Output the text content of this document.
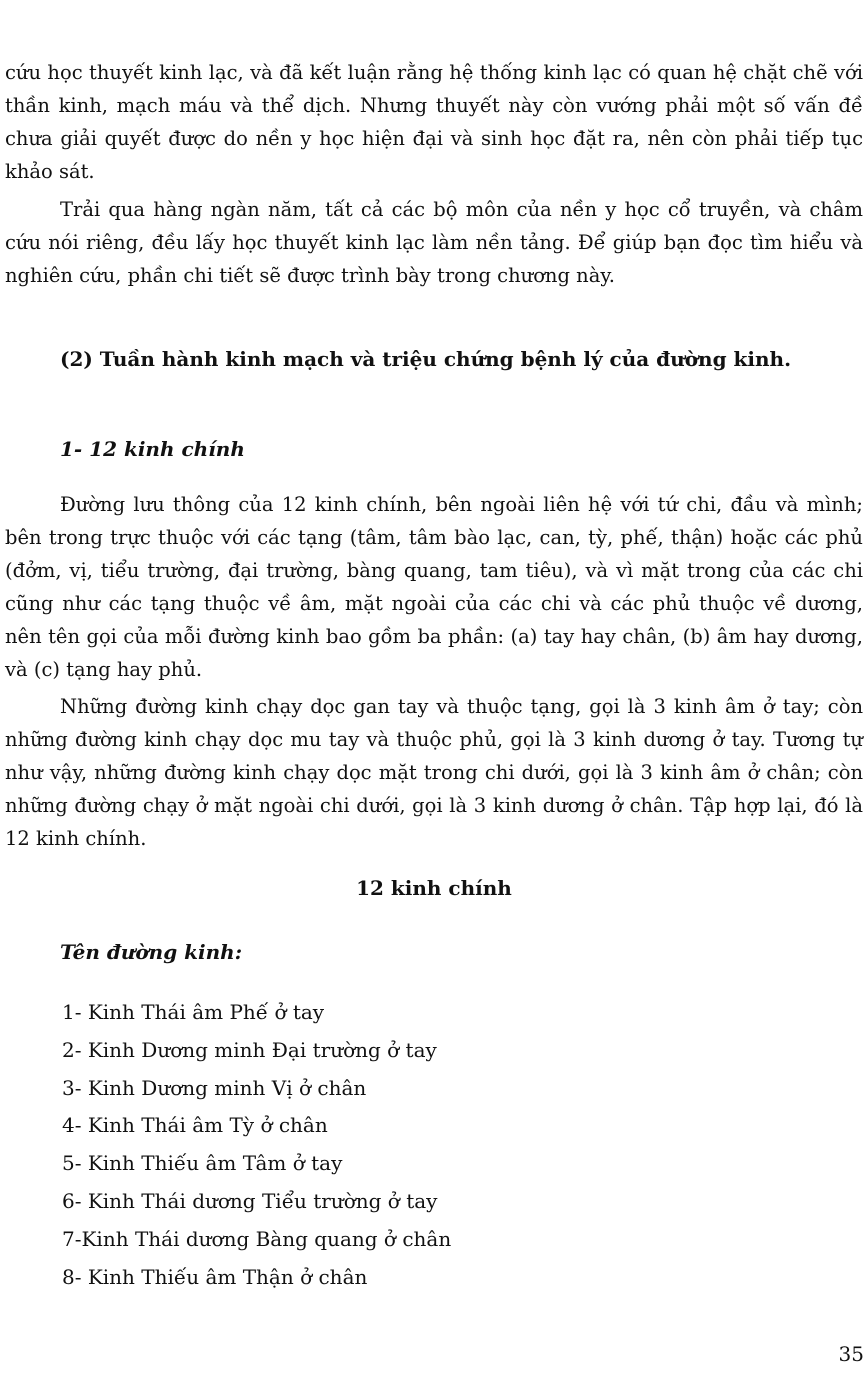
cứu học thuyết kinh lạc, và đã kết luận rằng hệ thống kinh lạc có quan hệ chặt chẽ với thần kinh, mạch máu và thể dịch. Nhưng thuyết này còn vướng phải một số vấn đề chưa giải quyết được do nền y học hiện đại và sinh học đặt ra, nên còn phải tiếp tục khảo sát.

Trải qua hàng ngàn năm, tất cả các bộ môn của nền y học cổ truyền, và châm cứu nói riêng, đều lấy học thuyết kinh lạc làm nền tảng. Để giúp bạn đọc tìm hiểu và nghiên cứu, phần chi tiết sẽ được trình bày trong chương này.

(2) Tuần hành kinh mạch và triệu chứng bệnh lý của đường kinh.

1- 12 kinh chính

Đường lưu thông của 12 kinh chính, bên ngoài liên hệ với tứ chi, đầu và mình; bên trong trực thuộc với các tạng (tâm, tâm bào lạc, can, tỳ, phế, thận) hoặc các phủ (đởm, vị, tiểu trường, đại trường, bàng quang, tam tiêu), và vì mặt trong của các chi cũng như các tạng thuộc về âm, mặt ngoài của các chi và các phủ thuộc về dương, nên tên gọi của mỗi đường kinh bao gồm ba phần: (a) tay hay chân, (b) âm hay dương, và (c) tạng hay phủ.

Những đường kinh chạy dọc gan tay và thuộc tạng, gọi là 3 kinh âm ở tay; còn những đường kinh chạy dọc mu tay và thuộc phủ, gọi là 3 kinh dương ở tay. Tương tự như vậy, những đường kinh chạy dọc mặt trong chi dưới, gọi là 3 kinh âm ở chân; còn những đường chạy ở mặt ngoài chi dưới, gọi là 3 kinh dương ở chân. Tập hợp lại, đó là 12 kinh chính.

12 kinh chính

Tên đường kinh:

1- Kinh Thái âm Phế ở tay
2- Kinh Dương minh Đại trường ở tay
3- Kinh Dương minh Vị ở chân
4- Kinh Thái âm Tỳ ở chân
5- Kinh Thiếu âm Tâm ở tay
6- Kinh Thái dương Tiểu trường ở tay
7-Kinh Thái dương Bàng quang ở chân
8- Kinh Thiếu âm Thận ở chân
35
